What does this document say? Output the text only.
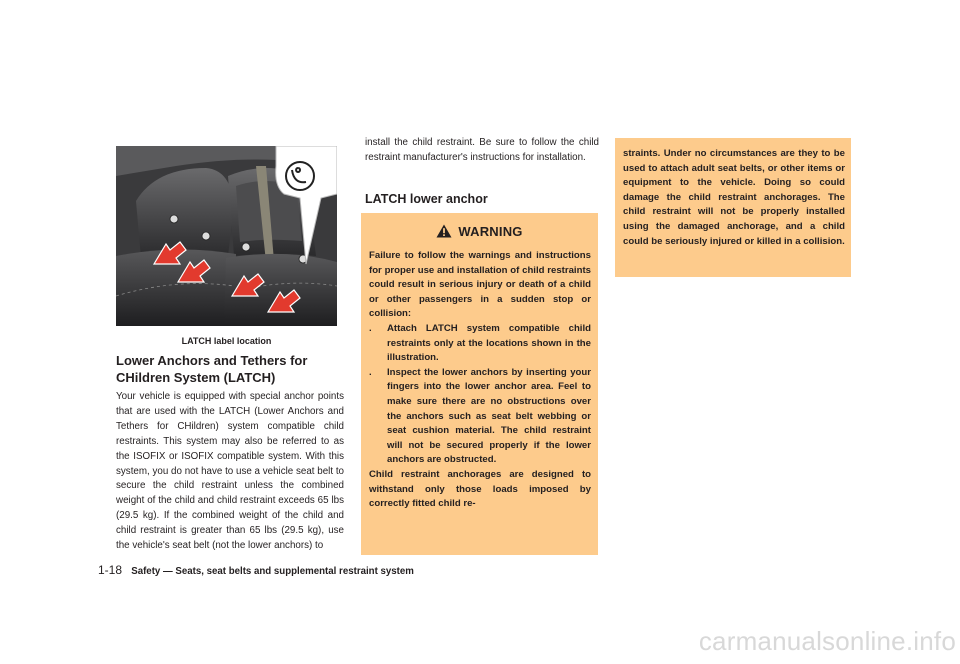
LATCH label location
Lower Anchors and Tethers for
CHildren System (LATCH)
Your vehicle is equipped with special anchor points that are used with the LATCH (Lower Anchors and Tethers for CHildren) system compatible child restraints. This system may also be referred to as the ISOFIX or ISOFIX compatible system. With this system, you do not have to use a vehicle seat belt to secure the child restraint unless the combined weight of the child and child restraint exceeds 65 lbs (29.5 kg). If the combined weight of the child and child restraint is greater than 65 lbs (29.5 kg), use the vehicle's seat belt (not the lower anchors) to
install the child restraint. Be sure to follow the child restraint manufacturer's instructions for installation.
LATCH lower anchor
WARNING

Failure to follow the warnings and instructions for proper use and installation of child restraints could result in serious injury or death of a child or other passengers in a sudden stop or collision:

.	Attach LATCH system compatible child restraints only at the locations shown in the illustration.
.	Inspect the lower anchors by inserting your fingers into the lower anchor area. Feel to make sure there are no obstructions over the anchors such as seat belt webbing or seat cushion material. The child restraint will not be secured properly if the lower anchors are obstructed.

Child restraint anchorages are designed to withstand only those loads imposed by correctly fitted child re-

straints. Under no circumstances are they to be used to attach adult seat belts, or other items or equipment to the vehicle. Doing so could damage the child restraint anchorages. The child restraint will not be properly installed using the damaged anchorage, and a child could be seriously injured or killed in a collision.
1-18 Safety — Seats, seat belts and supplemental restraint system
carmanualsonline.info
